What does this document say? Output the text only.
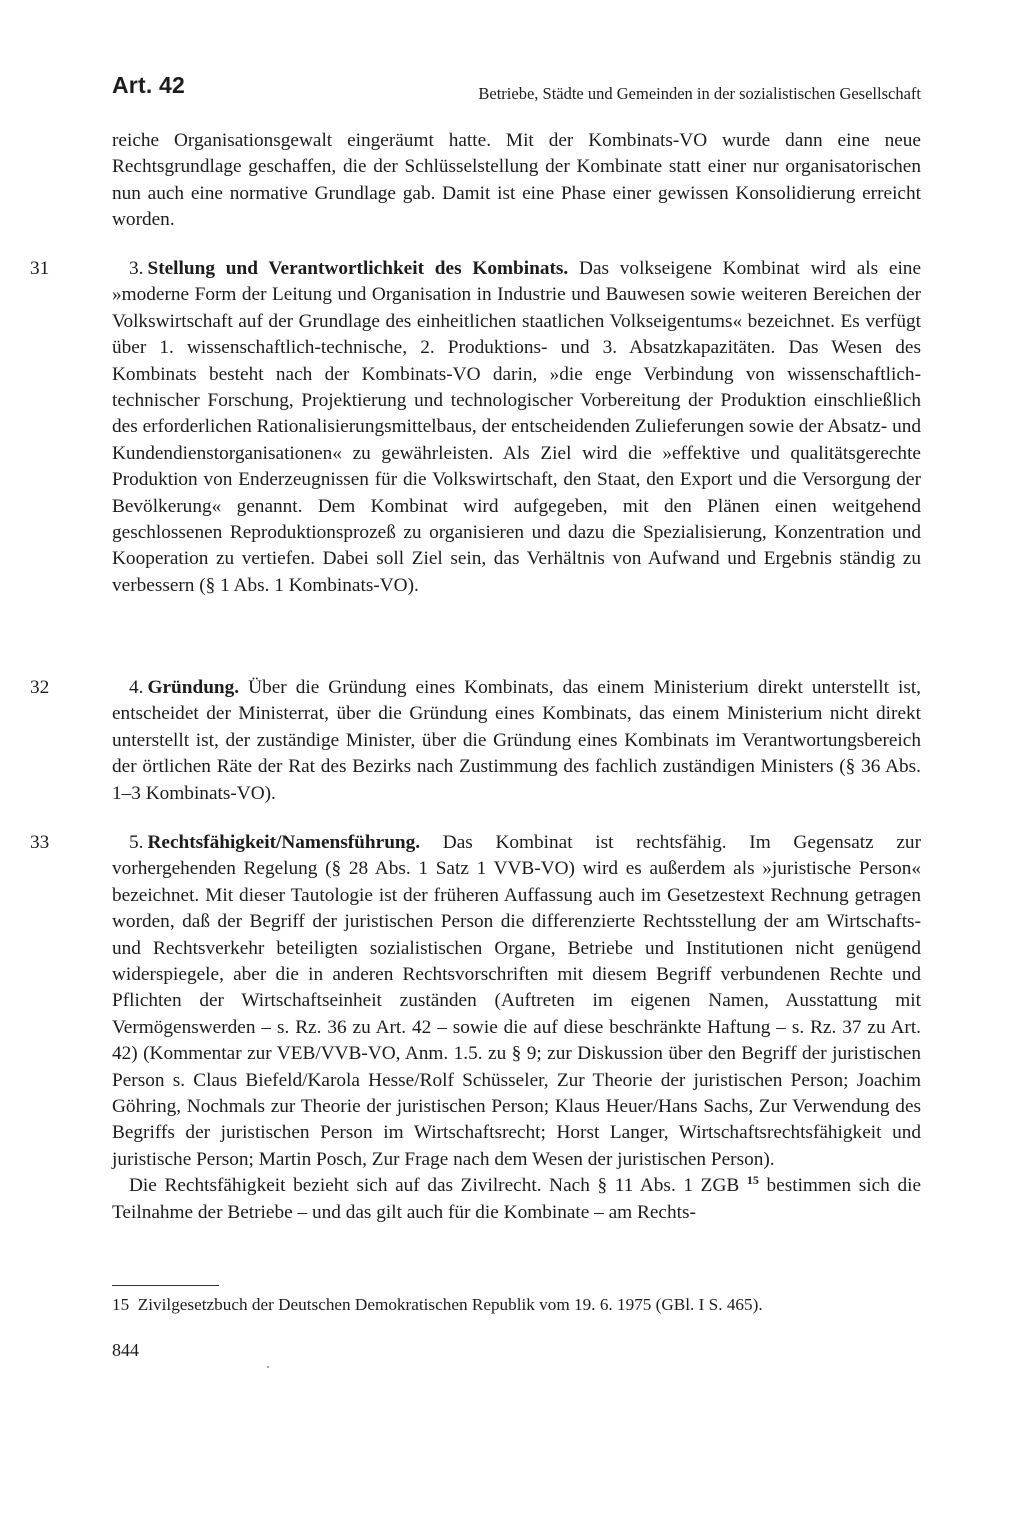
Art. 42	Betriebe, Städte und Gemeinden in der sozialistischen Gesellschaft

reiche Organisationsgewalt eingeräumt hatte. Mit der Kombinats-VO wurde dann eine neue Rechtsgrundlage geschaffen, die der Schlüsselstellung der Kombinate statt einer nur organisatorischen nun auch eine normative Grundlage gab. Damit ist eine Phase einer gewissen Konsolidierung erreicht worden.

31	3. Stellung und Verantwortlichkeit des Kombinats. Das volkseigene Kombinat wird als eine »moderne Form der Leitung und Organisation in Industrie und Bauwesen sowie weiteren Bereichen der Volkswirtschaft auf der Grundlage des einheitlichen staatlichen Volkseigentums« bezeichnet. Es verfügt über 1. wissenschaftlich-technische, 2. Produktions- und 3. Absatzkapazitäten. Das Wesen des Kombinats besteht nach der Kombinats-VO darin, »die enge Verbindung von wissenschaftlich-technischer Forschung, Projektierung und technologischer Vorbereitung der Produktion einschließlich des erforderlichen Rationalisierungsmittelbaus, der entscheidenden Zulieferungen sowie der Absatz- und Kundendienstorganisationen« zu gewährleisten. Als Ziel wird die »effektive und qualitätsgerechte Produktion von Enderzeugnissen für die Volkswirtschaft, den Staat, den Export und die Versorgung der Bevölkerung« genannt. Dem Kombinat wird aufgegeben, mit den Plänen einen weitgehend geschlossenen Reproduktionsprozeß zu organisieren und dazu die Spezialisierung, Konzentration und Kooperation zu vertiefen. Dabei soll Ziel sein, das Verhältnis von Aufwand und Ergebnis ständig zu verbessern (§ 1 Abs. 1 Kombinats-VO).

32	4. Gründung. Über die Gründung eines Kombinats, das einem Ministerium direkt unterstellt ist, entscheidet der Ministerrat, über die Gründung eines Kombinats, das einem Ministerium nicht direkt unterstellt ist, der zuständige Minister, über die Gründung eines Kombinats im Verantwortungsbereich der örtlichen Räte der Rat des Bezirks nach Zustimmung des fachlich zuständigen Ministers (§ 36 Abs. 1–3 Kombinats-VO).

33	5. Rechtsfähigkeit/Namensführung. Das Kombinat ist rechtsfähig. Im Gegensatz zur vorhergehenden Regelung (§ 28 Abs. 1 Satz 1 VVB-VO) wird es außerdem als »juristische Person« bezeichnet. Mit dieser Tautologie ist der früheren Auffassung auch im Gesetzestext Rechnung getragen worden, daß der Begriff der juristischen Person die differenzierte Rechtsstellung der am Wirtschafts- und Rechtsverkehr beteiligten sozialistischen Organe, Betriebe und Institutionen nicht genügend widerspiegele, aber die in anderen Rechtsvorschriften mit diesem Begriff verbundenen Rechte und Pflichten der Wirtschaftseinheit zuständen (Auftreten im eigenen Namen, Ausstattung mit Vermögenswerden – s. Rz. 36 zu Art. 42 – sowie die auf diese beschränkte Haftung – s. Rz. 37 zu Art. 42) (Kommentar zur VEB/VVB-VO, Anm. 1.5. zu § 9; zur Diskussion über den Begriff der juristischen Person s. Claus Biefeld/Karola Hesse/Rolf Schüsseler, Zur Theorie der juristischen Person; Joachim Göhring, Nochmals zur Theorie der juristischen Person; Klaus Heuer/Hans Sachs, Zur Verwendung des Begriffs der juristischen Person im Wirtschaftsrecht; Horst Langer, Wirtschaftsrechtsfähigkeit und juristische Person; Martin Posch, Zur Frage nach dem Wesen der juristischen Person).

Die Rechtsfähigkeit bezieht sich auf das Zivilrecht. Nach § 11 Abs. 1 ZGB $^{15}$ bestimmen sich die Teilnahme der Betriebe – und das gilt auch für die Kombinate – am Rechts-

15 Zivilgesetzbuch der Deutschen Demokratischen Republik vom 19. 6. 1975 (GBl. I S. 465).
844
